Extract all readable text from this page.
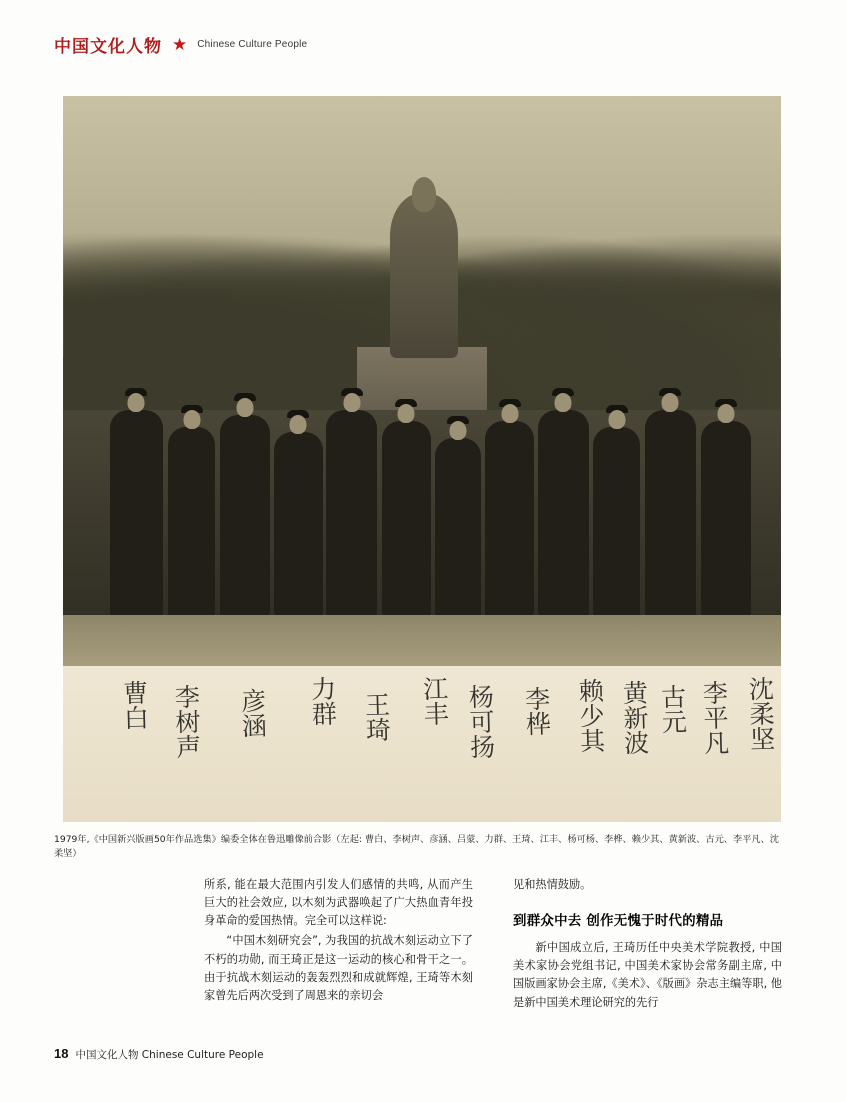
中国文化人物 ★ Chinese Culture People
曹白 李树声 彦涵 力群 王琦 江丰 杨可扬 李桦 赖少其 黄新波 古元 李平凡 沈柔坚
1979年,《中国新兴版画50年作品选集》编委全体在鲁迅雕像前合影（左起: 曹白、李树声、彦涵、吕蒙、力群、王琦、江丰、杨可杨、李桦、赖少其、黄新波、古元、李平凡、沈柔坚）

所系, 能在最大范围内引发人们感情的共鸣, 从而产生巨大的社会效应, 以木刻为武器唤起了广大热血青年投身革命的爱国热情。完全可以这样说:

“中国木刻研究会”, 为我国的抗战木刻运动立下了不朽的功勋, 而王琦正是这一运动的核心和骨干之一。由于抗战木刻运动的轰轰烈烈和成就辉煌, 王琦等木刻家曾先后两次受到了周恩来的亲切会

见和热情鼓励。

到群众中去 创作无愧于时代的精品

新中国成立后, 王琦历任中央美术学院教授, 中国美术家协会党组书记, 中国美术家协会常务副主席, 中国版画家协会主席,《美术》、《版画》杂志主编等职, 他是新中国美术理论研究的先行

18 中国文化人物 Chinese Culture People
